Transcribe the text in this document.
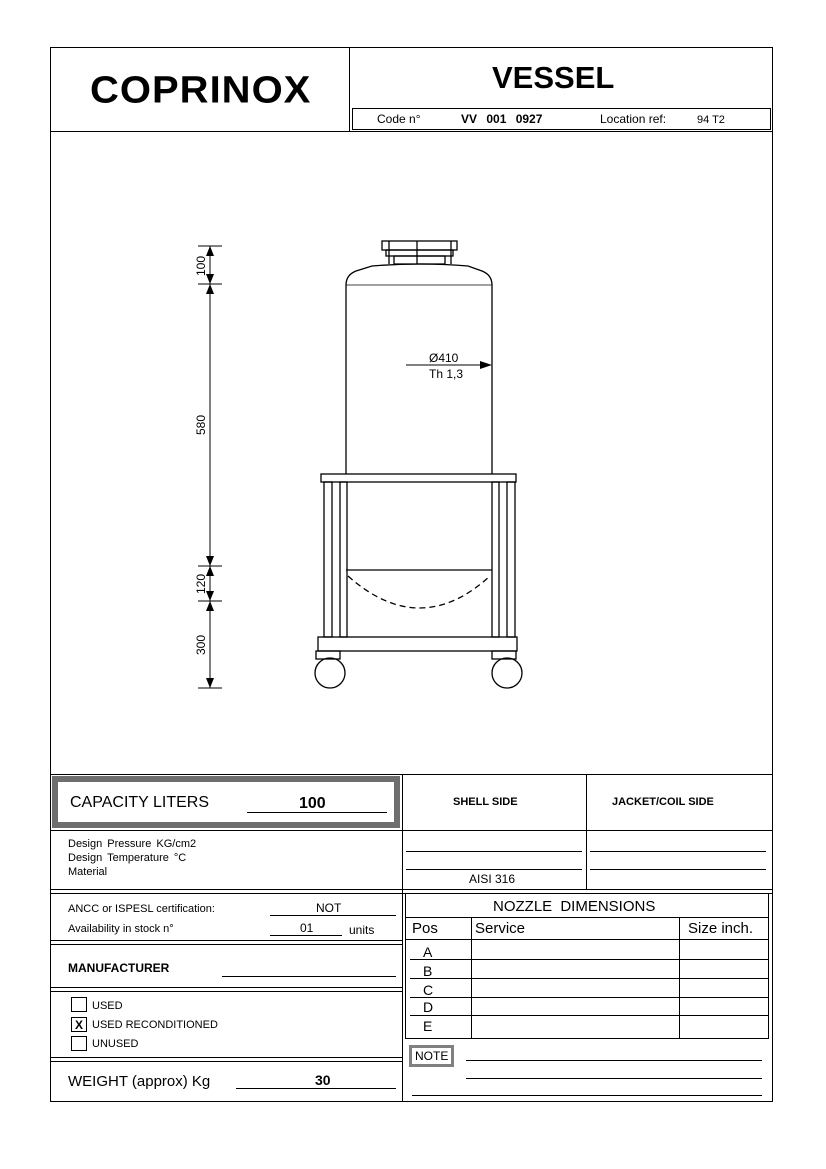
COPRINOX	VESSEL
Code n°	VV 001 0927	Location ref:	94 T2
100
580
120
300
Ø410
Th 1,3
CAPACITY LITERS	100	SHELL SIDE	JACKET/COIL SIDE
Design Pressure KG/cm2
Design Temperature °C
Material	AISI 316
ANCC or ISPESL certification:	NOT
Availability in stock n°	01	units
MANUFACTURER
USED
X USED RECONDITIONED
UNUSED
WEIGHT (approx) Kg	30
NOZZLE DIMENSIONS
Pos Service	Size inch.
A
B
C
D
E
NOTE
